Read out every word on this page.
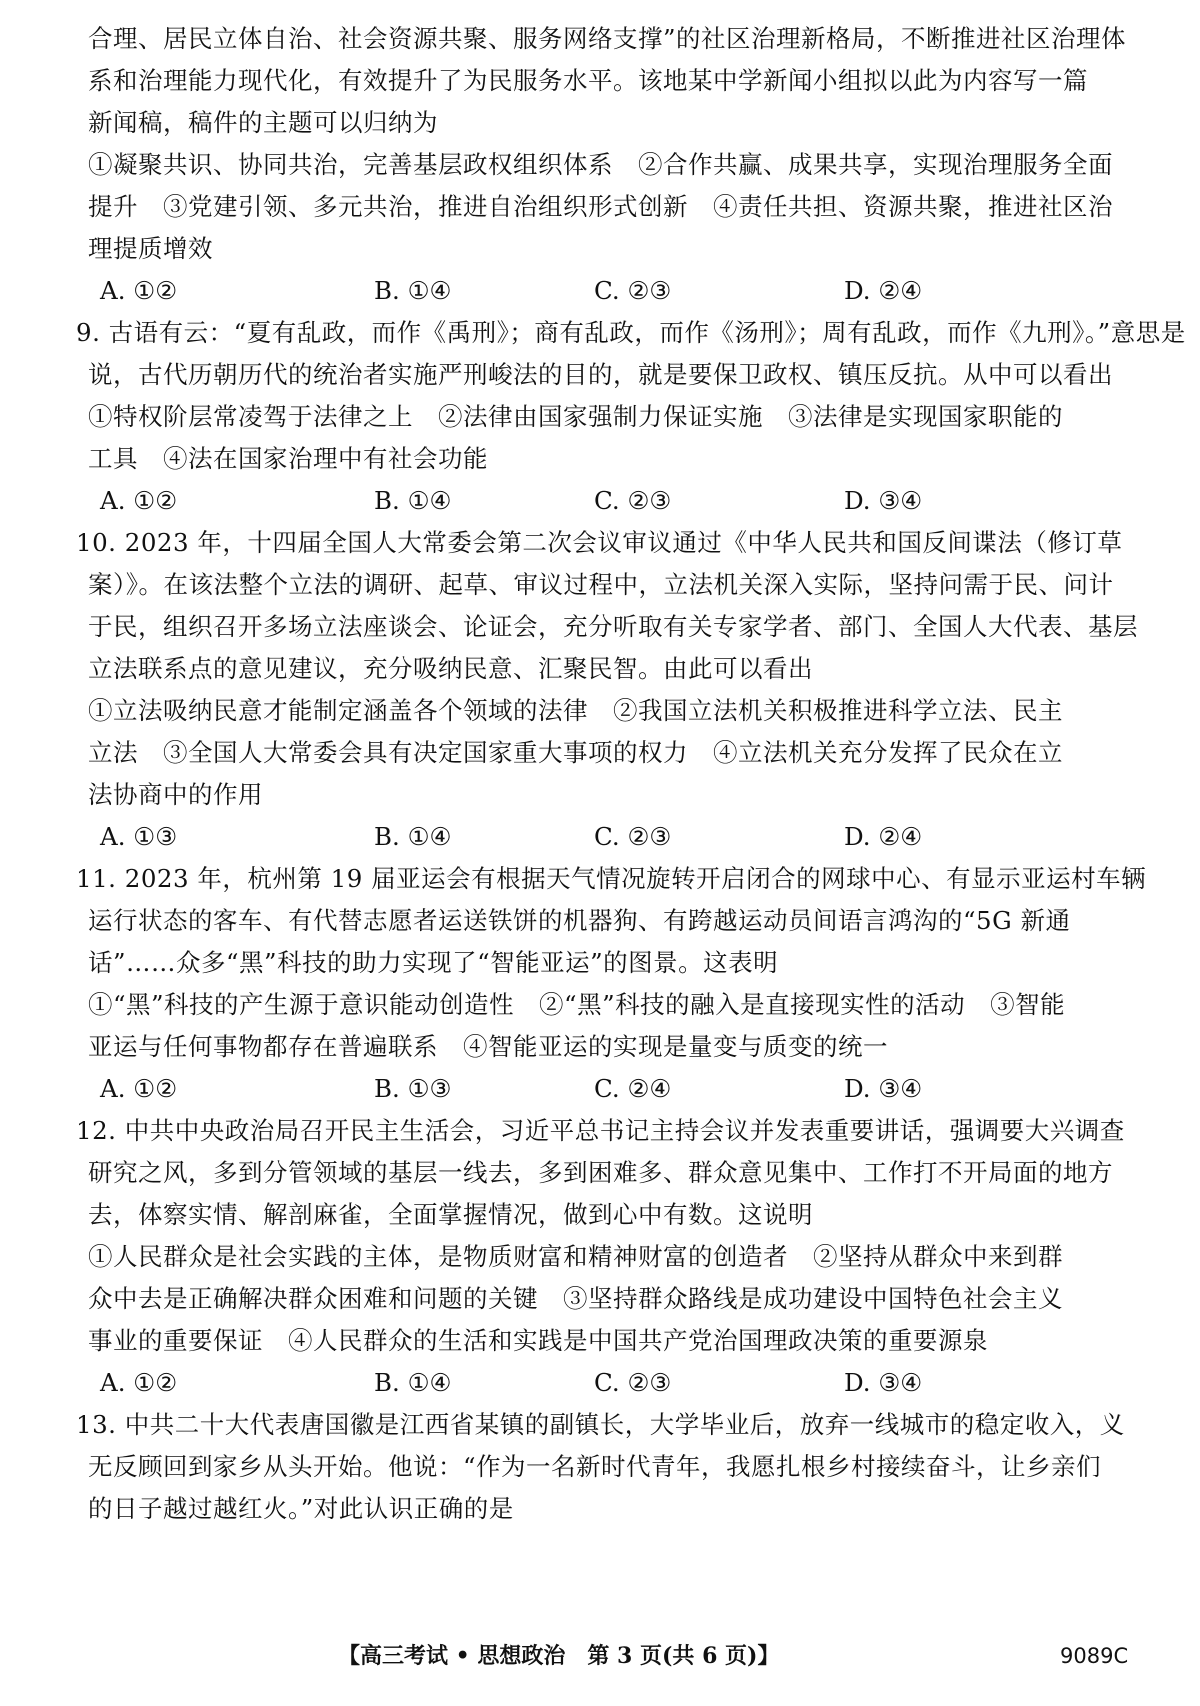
合理、居民立体自治、社会资源共聚、服务网络支撑”的社区治理新格局，不断推进社区治理体
系和治理能力现代化，有效提升了为民服务水平。该地某中学新闻小组拟以此为内容写一篇
新闻稿，稿件的主题可以归纳为
①凝聚共识、协同共治，完善基层政权组织体系　②合作共赢、成果共享，实现治理服务全面
提升　③党建引领、多元共治，推进自治组织形式创新　④责任共担、资源共聚，推进社区治
理提质增效
A. ①②	B. ①④	C. ②③	D. ②④
9. 古语有云：“夏有乱政，而作《禹刑》；商有乱政，而作《汤刑》；周有乱政，而作《九刑》。”意思是
说，古代历朝历代的统治者实施严刑峻法的目的，就是要保卫政权、镇压反抗。从中可以看出
①特权阶层常凌驾于法律之上　②法律由国家强制力保证实施　③法律是实现国家职能的
工具　④法在国家治理中有社会功能
A. ①②	B. ①④	C. ②③	D. ③④
10. 2023 年，十四届全国人大常委会第二次会议审议通过《中华人民共和国反间谍法（修订草
案）》。在该法整个立法的调研、起草、审议过程中，立法机关深入实际，坚持问需于民、问计
于民，组织召开多场立法座谈会、论证会，充分听取有关专家学者、部门、全国人大代表、基层
立法联系点的意见建议，充分吸纳民意、汇聚民智。由此可以看出
①立法吸纳民意才能制定涵盖各个领域的法律　②我国立法机关积极推进科学立法、民主
立法　③全国人大常委会具有决定国家重大事项的权力　④立法机关充分发挥了民众在立
法协商中的作用
A. ①③	B. ①④	C. ②③	D. ②④
11. 2023 年，杭州第 19 届亚运会有根据天气情况旋转开启闭合的网球中心、有显示亚运村车辆
运行状态的客车、有代替志愿者运送铁饼的机器狗、有跨越运动员间语言鸿沟的“5G 新通
话”……众多“黑”科技的助力实现了“智能亚运”的图景。这表明
①“黑”科技的产生源于意识能动创造性　②“黑”科技的融入是直接现实性的活动　③智能
亚运与任何事物都存在普遍联系　④智能亚运的实现是量变与质变的统一
A. ①②	B. ①③	C. ②④	D. ③④
12. 中共中央政治局召开民主生活会，习近平总书记主持会议并发表重要讲话，强调要大兴调查
研究之风，多到分管领域的基层一线去，多到困难多、群众意见集中、工作打不开局面的地方
去，体察实情、解剖麻雀，全面掌握情况，做到心中有数。这说明
①人民群众是社会实践的主体，是物质财富和精神财富的创造者　②坚持从群众中来到群
众中去是正确解决群众困难和问题的关键　③坚持群众路线是成功建设中国特色社会主义
事业的重要保证　④人民群众的生活和实践是中国共产党治国理政决策的重要源泉
A. ①②	B. ①④	C. ②③	D. ③④
13. 中共二十大代表唐国徽是江西省某镇的副镇长，大学毕业后，放弃一线城市的稳定收入，义
无反顾回到家乡从头开始。他说：“作为一名新时代青年，我愿扎根乡村接续奋斗，让乡亲们
的日子越过越红火。”对此认识正确的是
【高三考试 • 思想政治　第 3 页(共 6 页)】	9089C
